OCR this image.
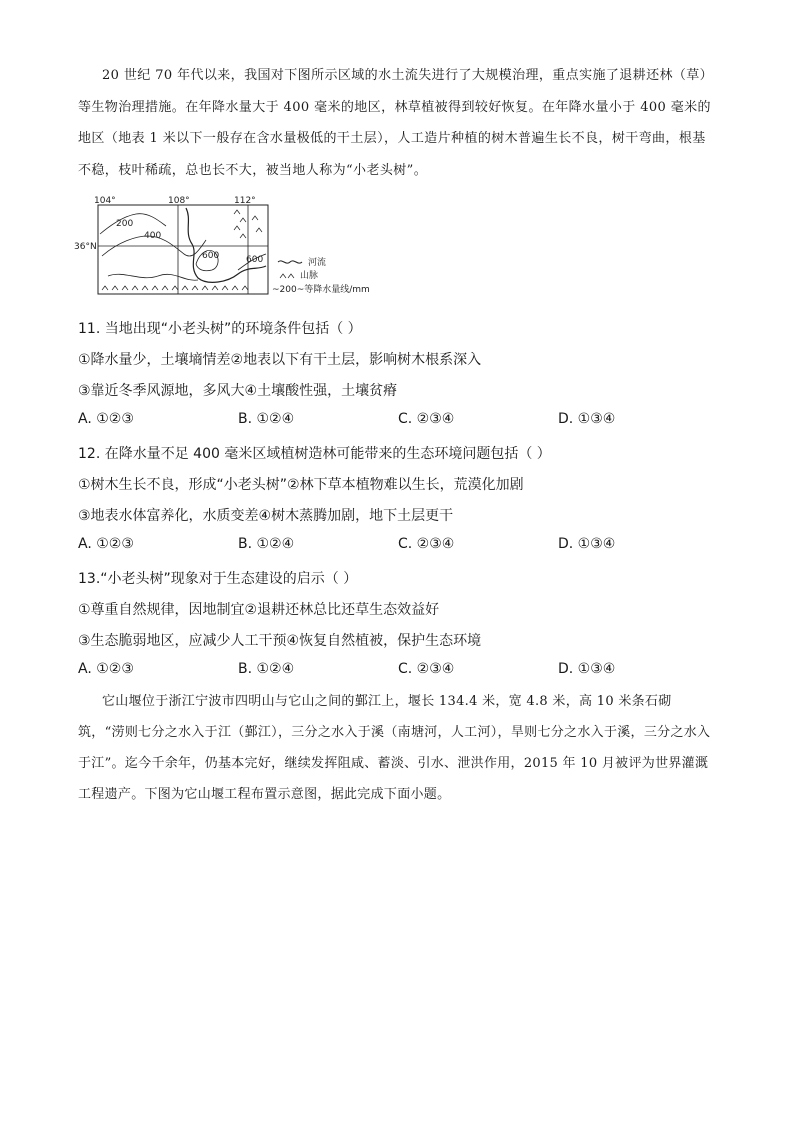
20 世纪 70 年代以来，我国对下图所示区域的水土流失进行了大规模治理，重点实施了退耕还林（草）等生物治理措施。在年降水量大于 400 毫米的地区，林草植被得到较好恢复。在年降水量小于 400 毫米的地区（地表 1 米以下一般存在含水量极低的干土层），人工造片种植的树木普遍生长不良，树干弯曲，根基不稳，枝叶稀疏，总也长不大，被当地人称为“小老头树”。

104°	108°	112°
36°N
200
400
600	600	河流
山脉
~200~等降水量线/mm
11. 当地出现“小老头树”的环境条件包括（ ）
①降水量少，土壤墒情差②地表以下有干土层，影响树木根系深入
③靠近冬季风源地，多风大④土壤酸性强，土壤贫瘠
A. ①②③	B. ①②④	C. ②③④	D. ①③④
12. 在降水量不足 400 毫米区域植树造林可能带来的生态环境问题包括（ ）
①树木生长不良，形成“小老头树”②林下草本植物难以生长，荒漠化加剧
③地表水体富养化，水质变差④树木蒸腾加剧，地下土层更干
A. ①②③	B. ①②④	C. ②③④	D. ①③④
13.“小老头树”现象对于生态建设的启示（ ）
①尊重自然规律，因地制宜②退耕还林总比还草生态效益好
③生态脆弱地区，应减少人工干预④恢复自然植被，保护生态环境
A. ①②③	B. ①②④	C. ②③④	D. ①③④

它山堰位于浙江宁波市四明山与它山之间的鄞江上，堰长 134.4 米，宽 4.8 米，高 10 米条石砌筑，“涝则七分之水入于江（鄞江），三分之水入于溪（南塘河，人工河），旱则七分之水入于溪，三分之水入于江”。迄今千余年，仍基本完好，继续发挥阻咸、蓄淡、引水、泄洪作用，2015 年 10 月被评为世界灌溉工程遗产。下图为它山堰工程布置示意图，据此完成下面小题。
